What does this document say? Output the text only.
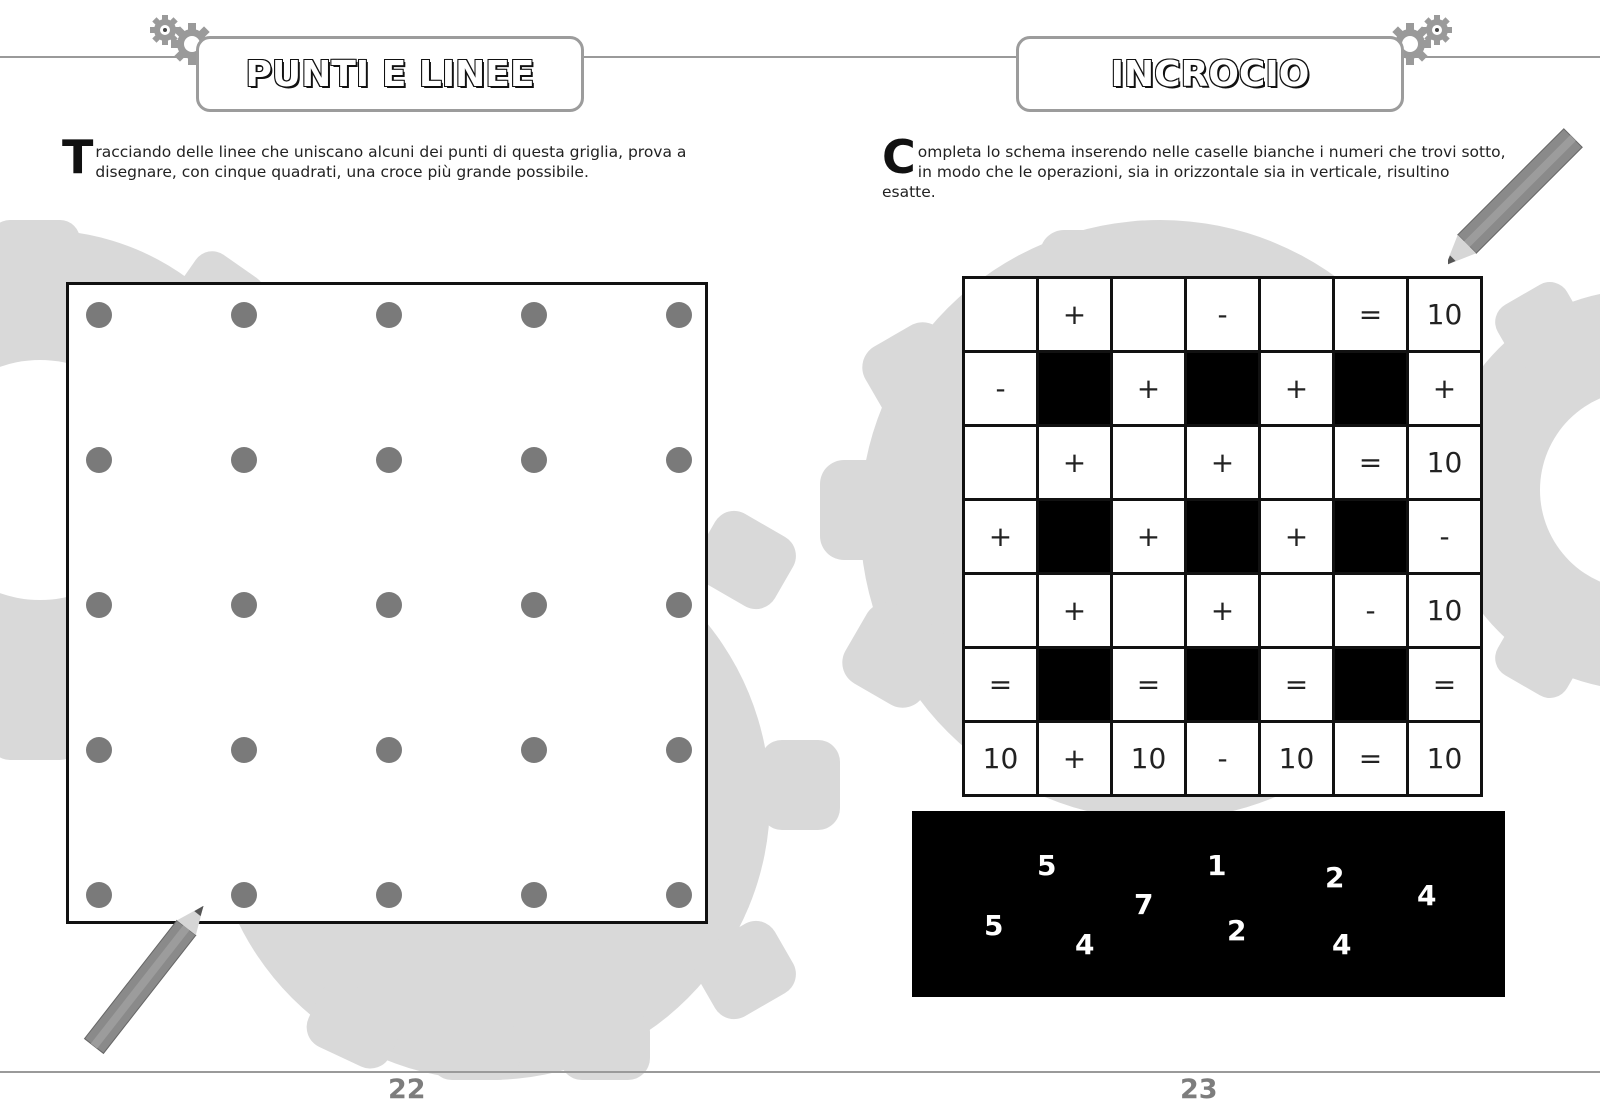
PUNTI E LINEE	INCROCIO
Tracciando delle linee che uniscano alcuni dei punti di questa griglia, prova a disegnare, con cinque quadrati, una croce più grande possibile.	Completa lo schema inserendo nelle caselle bianche i numeri che trovi sotto, in modo che le operazioni, sia in orizzontale sia in verticale, risultino esatte.
	+		-		=	10
-		+		+		+
	+		+		=	10
+		+		+		-
	+		+		-	10
=		=		=		=
10	+	10	-	10	=	10
5	1	2
4
7
5	2
4	4
22	23
